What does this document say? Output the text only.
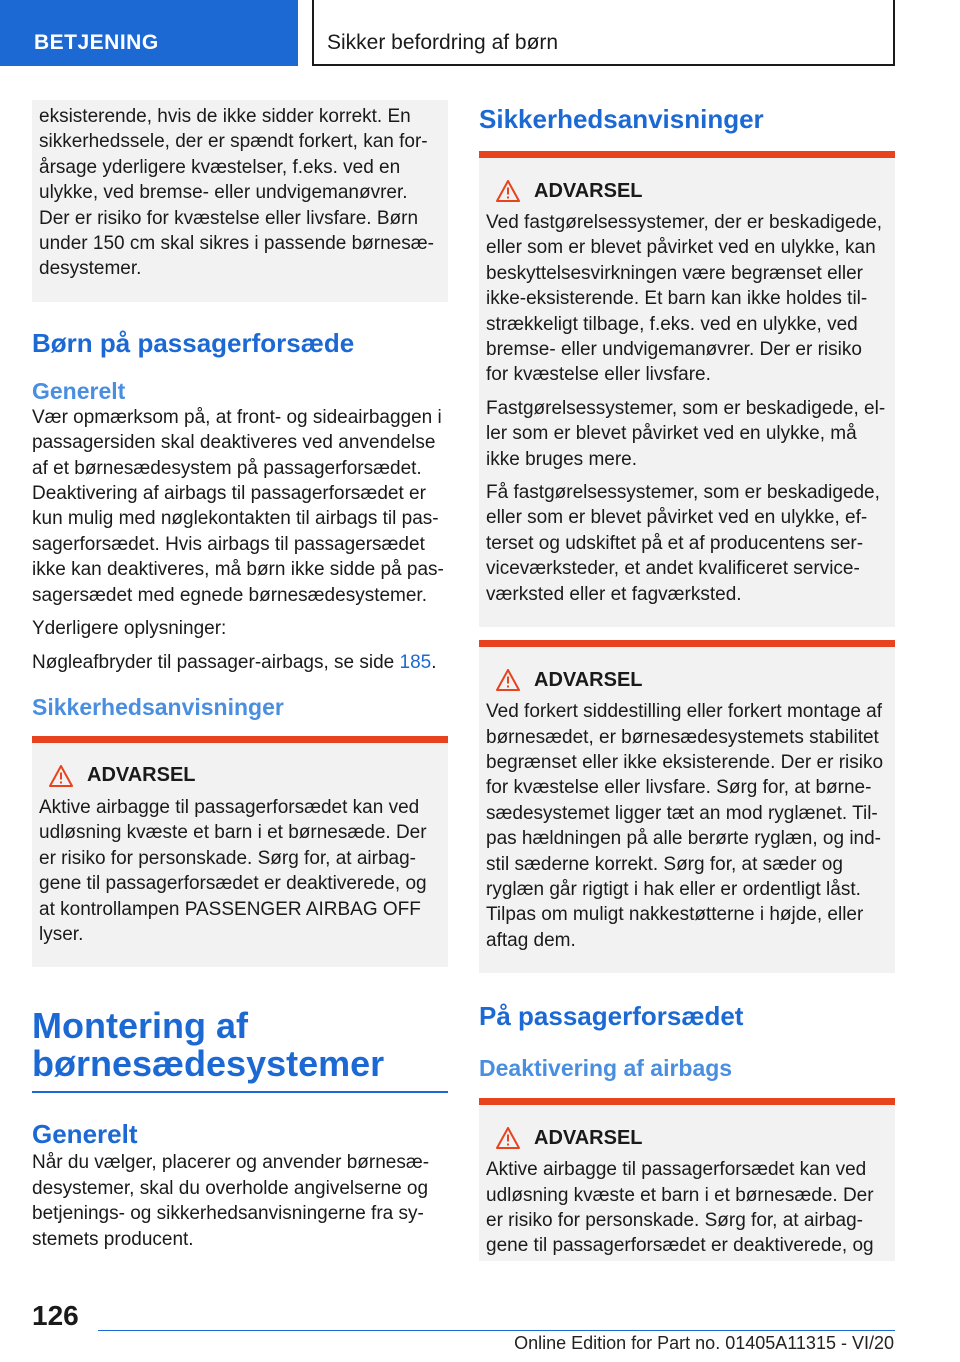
BETJENING	Sikker befordring af børn

eksisterende, hvis de ikke sidder korrekt. En sikkerhedssele, der er spændt forkert, kan for‐årsage yderligere kvæstelser, f.eks. ved en ulykke, ved bremse- eller undvigemanøvrer. Der er risiko for kvæstelse eller livsfare. Børn under 150 cm skal sikres i passende børnesæ‐desystemer.

Børn på passagerforsæde
Generelt

Vær opmærksom på, at front- og sideairbaggen i passagersiden skal deaktiveres ved anvendelse af et børnesædesystem på passagerforsædet. Deaktivering af airbags til passagerforsædet er kun mulig med nøglekontakten til airbags til pas‐sagerforsædet. Hvis airbags til passagersædet ikke kan deaktiveres, må børn ikke sidde på pas‐sagersædet med egnede børnesædesystemer.

Yderligere oplysninger:

Nøgleafbryder til passager-airbags, se side 185.

Sikkerhedsanvisninger
ADVARSEL

Aktive airbagge til passagerforsædet kan ved udløsning kvæste et barn i et børnesæde. Der er risiko for personskade. Sørg for, at airbag‐gene til passagerforsædet er deaktiverede, og at kontrollampen PASSENGER AIRBAG OFF lyser.

Montering af børnesædesystemer
Generelt

Når du vælger, placerer og anvender børnesæ‐desystemer, skal du overholde angivelserne og betjenings- og sikkerhedsanvisningerne fra sy‐stemets producent.

Sikkerhedsanvisninger
ADVARSEL

Ved fastgørelsessystemer, der er beskadigede, eller som er blevet påvirket ved en ulykke, kan beskyttelsesvirkningen være begrænset eller ikke-eksisterende. Et barn kan ikke holdes til‐strækkeligt tilbage, f.eks. ved en ulykke, ved bremse- eller undvigemanøvrer. Der er risiko for kvæstelse eller livsfare.

Fastgørelsessystemer, som er beskadigede, el‐ler som er blevet påvirket ved en ulykke, må ikke bruges mere.

Få fastgørelsessystemer, som er beskadigede, eller som er blevet påvirket ved en ulykke, ef‐terset og udskiftet på et af producentens ser‐viceværksteder, et andet kvalificeret service‐værksted eller et fagværksted.

ADVARSEL

Ved forkert siddestilling eller forkert montage af børnesædet, er børnesædesystemets stabilitet begrænset eller ikke eksisterende. Der er risiko for kvæstelse eller livsfare. Sørg for, at børne‐sædesystemet ligger tæt an mod ryglænet. Til‐pas hældningen på alle berørte ryglæn, og ind‐stil sæderne korrekt. Sørg for, at sæder og ryglæn går rigtigt i hak eller er ordentligt låst. Tilpas om muligt nakkestøtterne i højde, eller aftag dem.

På passagerforsædet
Deaktivering af airbags
ADVARSEL

Aktive airbagge til passagerforsædet kan ved udløsning kvæste et barn i et børnesæde. Der er risiko for personskade. Sørg for, at airbag‐gene til passagerforsædet er deaktiverede, og

126
Online Edition for Part no. 01405A11315 - VI/20
